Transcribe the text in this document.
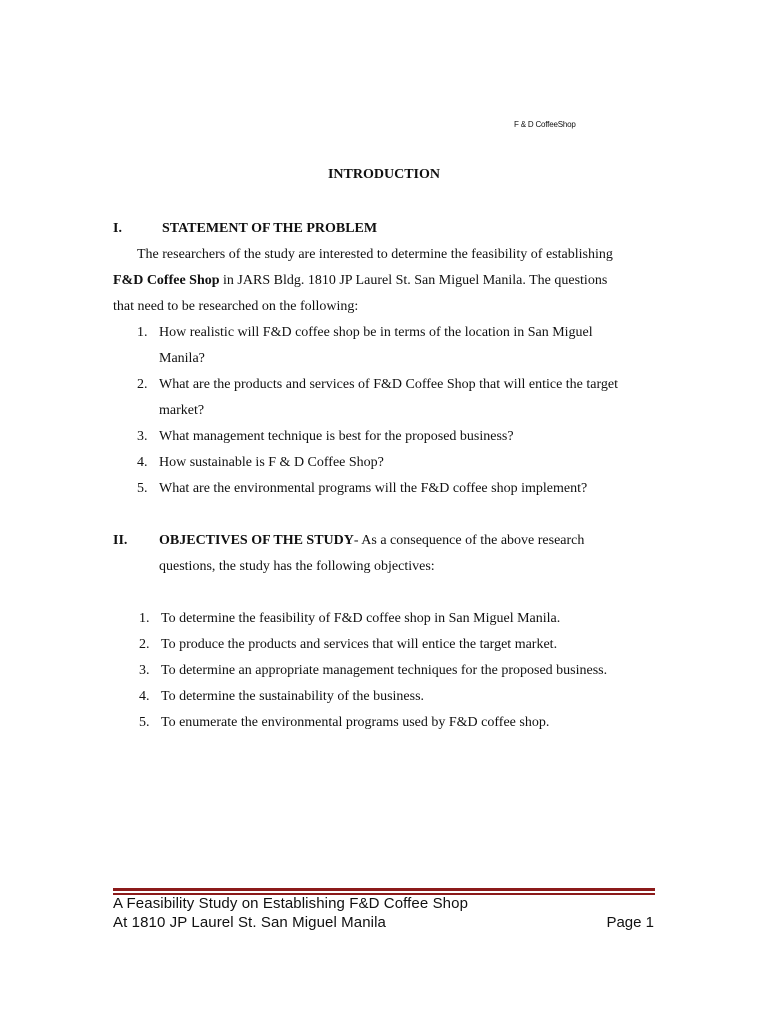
F & D CoffeeShop
INTRODUCTION
I.	STATEMENT OF THE PROBLEM
The researchers of the study are interested to determine the feasibility of establishing
F&D Coffee Shop in JARS Bldg. 1810 JP Laurel St. San Miguel Manila. The questions
that need to be researched on the following:
1. How realistic will F&D coffee shop be in terms of the location in San Miguel
Manila?
2. What are the products and services of F&D Coffee Shop that will entice the target
market?
3. What management technique is best for the proposed business?
4. How sustainable is F & D Coffee Shop?
5. What are the environmental programs will the F&D coffee shop implement?
II. OBJECTIVES OF THE STUDY- As a consequence of the above research
questions, the study has the following objectives:
1. To determine the feasibility of F&D coffee shop in San Miguel Manila.
2. To produce the products and services that will entice the target market.
3. To determine an appropriate management techniques for the proposed business.
4. To determine the sustainability of the business.
5. To enumerate the environmental programs used by F&D coffee shop.
A Feasibility Study on Establishing F&D Coffee Shop
At 1810 JP Laurel St. San Miguel Manila	Page 1
